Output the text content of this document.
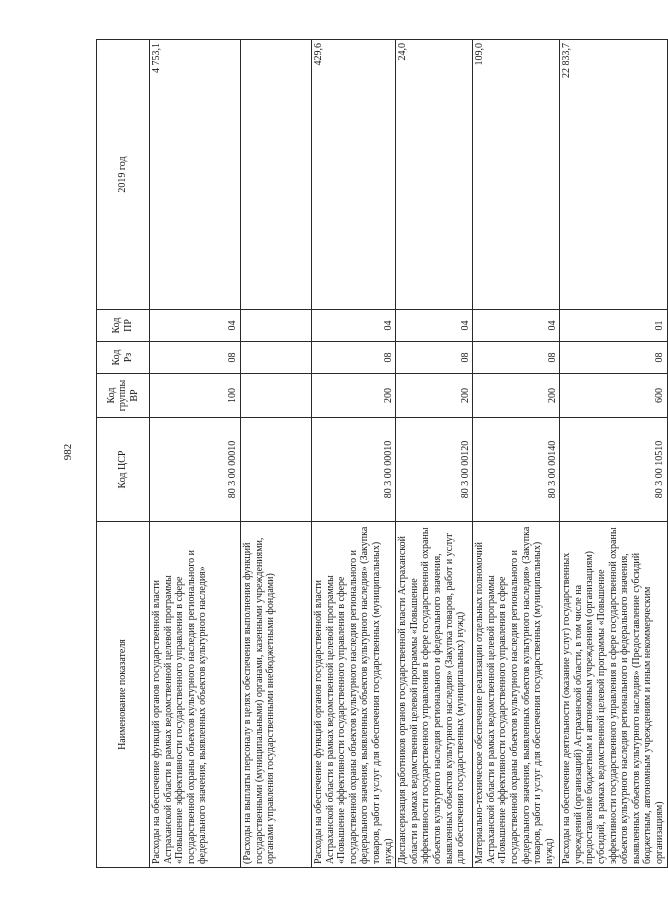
982
Наименование показателя	Код ЦСР	Код группы ВР	Код Рз	Код ПР	2019 год
Расходы на обеспечение функций органов государственной власти Астраханской области в рамках ведомственной целевой программы «Повышение эффективности государственного управления в сфере государственной охраны объектов культурного наследия регионального и федерального значения, выявленных объектов культурного наследия»	80 3 00 00010	100	08	04	4 753,1
(Расходы на выплаты персоналу в целях обеспечения выполнения функций государственными (муниципальными) органами, казенными учреждениями, органами управления государственными внебюджетными фондами)					
Расходы на обеспечение функций органов государственной власти Астраханской области в рамках ведомственной целевой программы «Повышение эффективности государственного управления в сфере государственной охраны объектов культурного наследия регионального и федерального значения, выявленных объектов культурного наследия» (Закупка товаров, работ и услуг для обеспечения государственных (муниципальных) нужд)	80 3 00 00010	200	08	04	429,6
Диспансеризация работников органов государственной власти Астраханской области в рамках ведомственной целевой программы «Повышение эффективности государственного управления в сфере государственной охраны объектов культурного наследия регионального и федерального значения, выявленных объектов культурного наследия» (Закупка товаров, работ и услуг для обеспечения государственных (муниципальных) нужд)	80 3 00 00120	200	08	04	24,0
Материально-техническое обеспечение реализации отдельных полномочий Астраханской области в рамках ведомственной целевой программы «Повышение эффективности государственного управления в сфере государственной охраны объектов культурного наследия регионального и федерального значения, выявленных объектов культурного наследия» (Закупка товаров, работ и услуг для обеспечения государственных (муниципальных) нужд)	80 3 00 00140	200	08	04	109,0
Расходы на обеспечение деятельности (оказание услуг) государственных учреждений (организаций) Астраханской области, в том числе на предоставление бюджетным и автономным учреждениям (организациям) субсидий, в рамках ведомственной целевой программы «Повышение эффективности государственного управления в сфере государственной охраны объектов культурного наследия регионального и федерального значения, выявленных объектов культурного наследия» (Предоставление субсидий бюджетным, автономным учреждениям и иным некоммерческим организациям)	80 3 00 10510	600	08	01	22 833,7
